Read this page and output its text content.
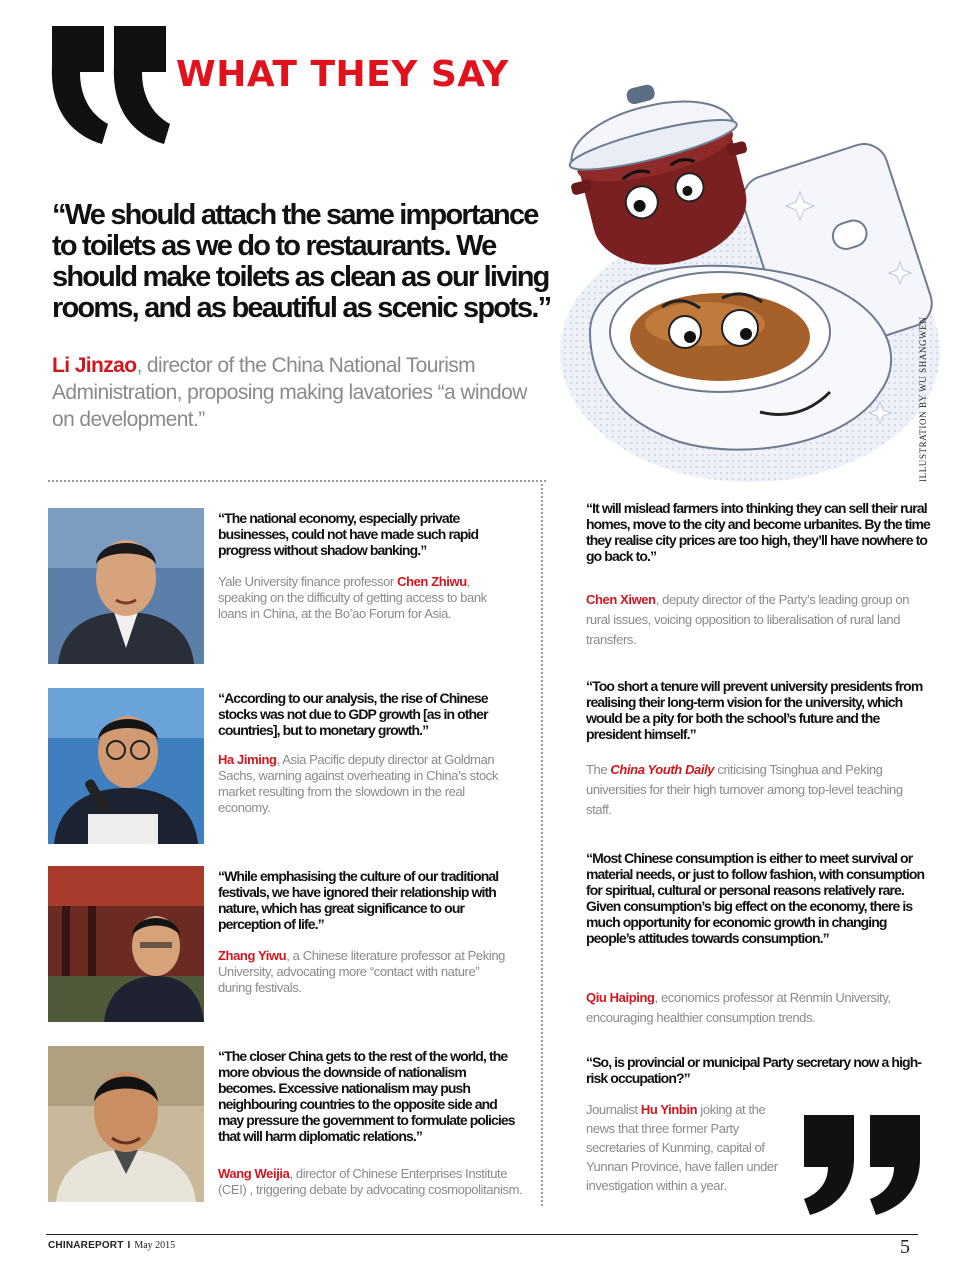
WHAT THEY SAY
ILLUSTRATION BY WU SHANGWEN
“We should attach the same importance to toilets as we do to restaurants. We should make toilets as clean as our living rooms, and as beautiful as scenic spots.”
Li Jinzao, director of the China National Tourism Administration, proposing making lavatories “a window on development.”
“The national economy, especially private businesses, could not have made such rapid progress without shadow banking.”
Yale University finance professor Chen Zhiwu, speaking on the difficulty of getting access to bank loans in China, at the Bo’ao Forum for Asia.
“According to our analysis, the rise of Chinese stocks was not due to GDP growth [as in other countries], but to monetary growth.”
Ha Jiming, Asia Pacific deputy director at Goldman Sachs, warning against overheating in China’s stock market resulting from the slowdown in the real economy.
“While emphasising the culture of our traditional festivals, we have ignored their relationship with nature, which has great significance to our perception of life.”
Zhang Yiwu, a Chinese literature professor at Peking University, advocating more “contact with nature” during festivals.
“The closer China gets to the rest of the world, the more obvious the downside of nationalism becomes. Excessive nationalism may push neighbouring countries to the opposite side and may pressure the government to formulate policies that will harm diplomatic relations.”
Wang Weijia, director of Chinese Enterprises Institute (CEI) , triggering debate by advocating cosmopolitanism.
“It will mislead farmers into thinking they can sell their rural homes, move to the city and become urbanites. By the time they realise city prices are too high, they’ll have nowhere to go back to.”
Chen Xiwen, deputy director of the Party’s leading group on rural issues, voicing opposition to liberalisation of rural land transfers.
“Too short a tenure will prevent university presidents from realising their long-term vision for the university, which would be a pity for both the school’s future and the president himself.”
The China Youth Daily criticising Tsinghua and Peking universities for their high turnover among top-level teaching staff.
“Most Chinese consumption is either to meet survival or material needs, or just to follow fashion, with consumption for spiritual, cultural or personal reasons relatively rare. Given consumption’s big effect on the economy, there is much opportunity for economic growth in changing people’s attitudes towards consumption.”
Qiu Haiping, economics professor at Renmin University, encouraging healthier consumption trends.
“So, is provincial or municipal Party secretary now a high-risk occupation?”
Journalist Hu Yinbin joking at the news that three former Party secretaries of Kunming, capital of Yunnan Province, have fallen under investigation within a year.
CHINAREPORT I May 2015	5
